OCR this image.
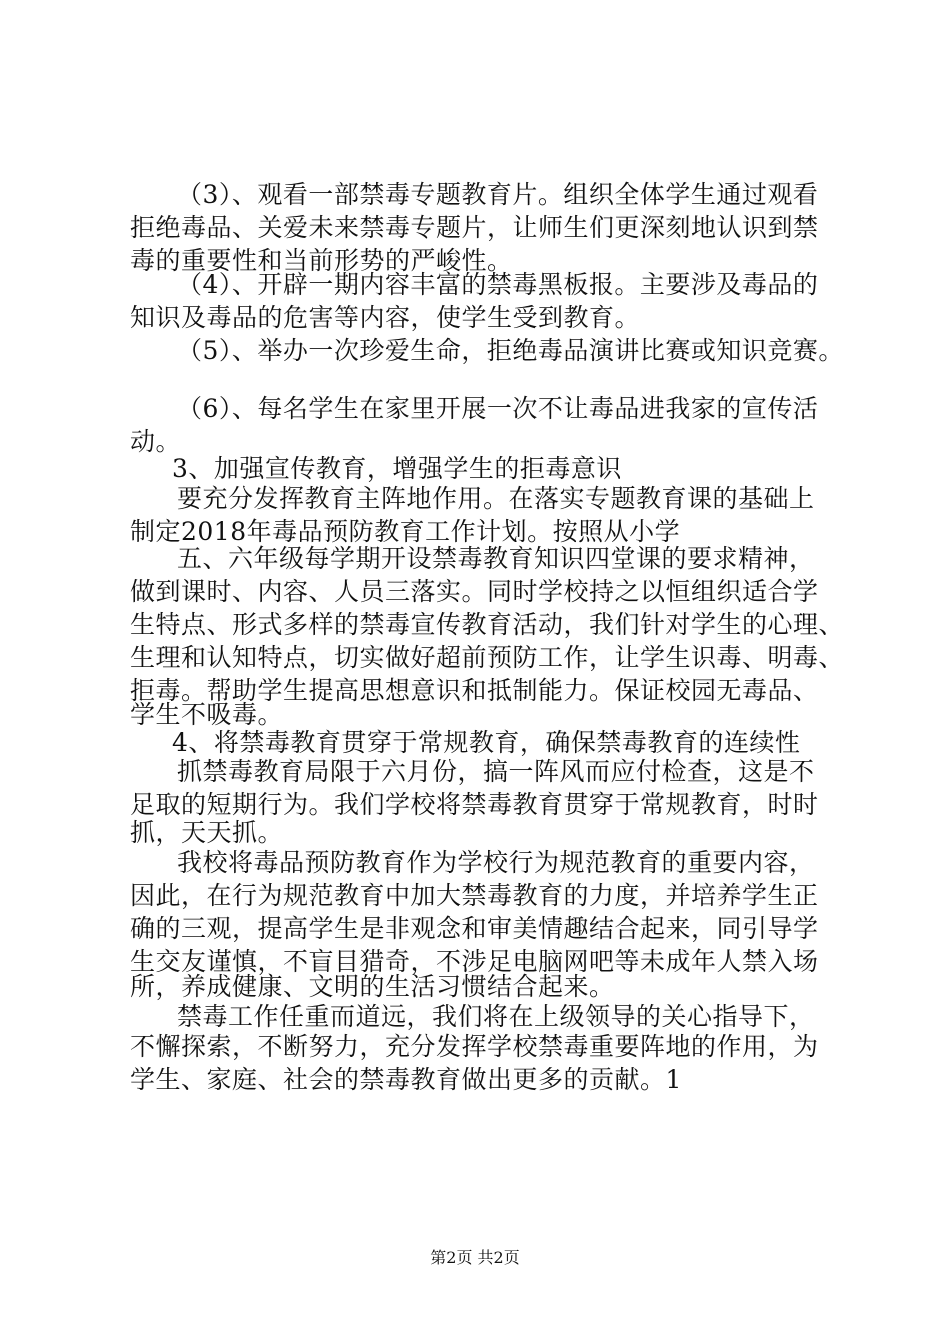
（3）、观看一部禁毒专题教育片。组织全体学生通过观看
拒绝毒品、关爱未来禁毒专题片，让师生们更深刻地认识到禁
毒的重要性和当前形势的严峻性。
（4）、开辟一期内容丰富的禁毒黑板报。主要涉及毒品的
知识及毒品的危害等内容，使学生受到教育。
（5）、举办一次珍爱生命，拒绝毒品演讲比赛或知识竞赛。
（6）、每名学生在家里开展一次不让毒品进我家的宣传活
动。
3、加强宣传教育，增强学生的拒毒意识
要充分发挥教育主阵地作用。在落实专题教育课的基础上
制定2018年毒品预防教育工作计划。按照从小学
五、六年级每学期开设禁毒教育知识四堂课的要求精神，
做到课时、内容、人员三落实。同时学校持之以恒组织适合学
生特点、形式多样的禁毒宣传教育活动，我们针对学生的心理、
生理和认知特点，切实做好超前预防工作，让学生识毒、明毒、
拒毒。帮助学生提高思想意识和抵制能力。保证校园无毒品、
学生不吸毒。
4、将禁毒教育贯穿于常规教育，确保禁毒教育的连续性
抓禁毒教育局限于六月份，搞一阵风而应付检查，这是不
足取的短期行为。我们学校将禁毒教育贯穿于常规教育，时时
抓，天天抓。
我校将毒品预防教育作为学校行为规范教育的重要内容，
因此，在行为规范教育中加大禁毒教育的力度，并培养学生正
确的三观，提高学生是非观念和审美情趣结合起来，同引导学
生交友谨慎，不盲目猎奇，不涉足电脑网吧等未成年人禁入场
所，养成健康、文明的生活习惯结合起来。
禁毒工作任重而道远，我们将在上级领导的关心指导下，
不懈探索，不断努力，充分发挥学校禁毒重要阵地的作用，为
学生、家庭、社会的禁毒教育做出更多的贡献。1
第2页 共2页
